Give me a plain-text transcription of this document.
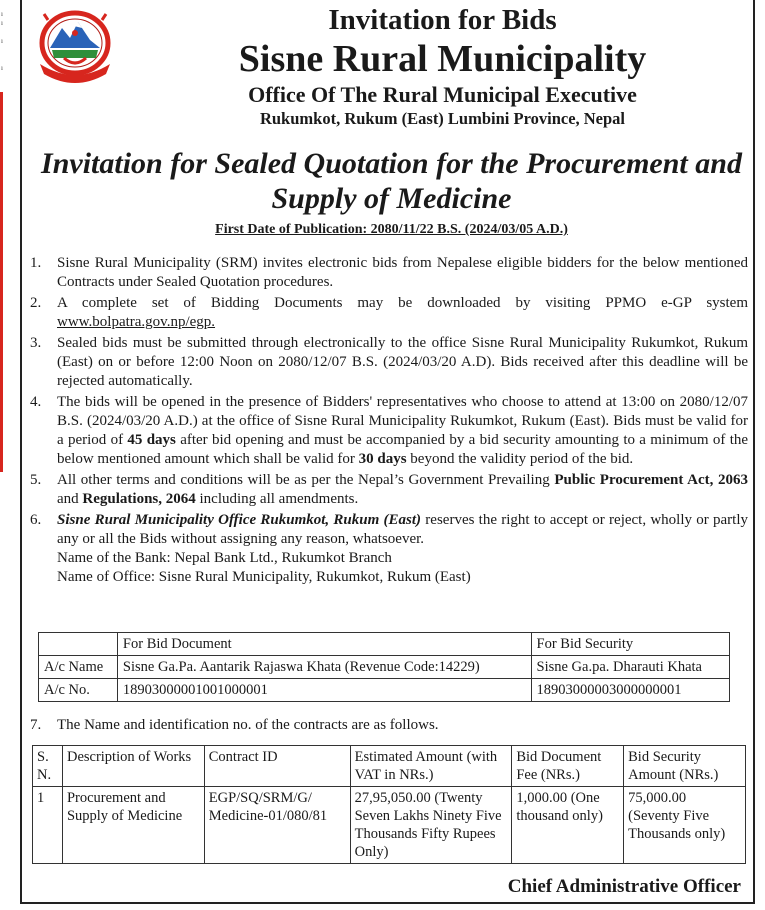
ı
ı

ı

ı
Invitation for Bids
Sisne Rural Municipality
Office Of The Rural Municipal Executive
Rukumkot, Rukum (East) Lumbini Province, Nepal
Invitation for Sealed Quotation for the Procurement and Supply of Medicine
First Date of Publication: 2080/11/22 B.S. (2024/03/05 A.D.)
1.	Sisne Rural Municipality (SRM) invites electronic bids from Nepalese eligible bidders for the below mentioned Contracts under Sealed Quotation procedures.
2.	A complete set of Bidding Documents may be downloaded by visiting PPMO e-GP system www.bolpatra.gov.np/egp.
3.	Sealed bids must be submitted through electronically to the office Sisne Rural Municipality Rukumkot, Rukum (East) on or before 12:00 Noon on 2080/12/07 B.S. (2024/03/20 A.D). Bids received after this deadline will be rejected automatically.
4.	The bids will be opened in the presence of Bidders' representatives who choose to attend at 13:00 on 2080/12/07 B.S. (2024/03/20 A.D.) at the office of Sisne Rural Municipality Rukumkot, Rukum (East). Bids must be valid for a period of 45 days after bid opening and must be accompanied by a bid security amounting to a minimum of the below mentioned amount which shall be valid for 30 days beyond the validity period of the bid.
5.	All other terms and conditions will be as per the Nepal’s Government Prevailing Public Procurement Act, 2063 and Regulations, 2064 including all amendments.
6.	Sisne Rural Municipality Office Rukumkot, Rukum (East) reserves the right to accept or reject, wholly or partly any or all the Bids without assigning any reason, whatsoever.
Name of the Bank: Nepal Bank Ltd., Rukumkot Branch
Name of Office: Sisne Rural Municipality, Rukumkot, Rukum (East)
	For Bid Document	For Bid Security
A/c Name	Sisne Ga.Pa. Aantarik Rajaswa Khata (Revenue Code:14229)	Sisne Ga.pa. Dharauti Khata
A/c No.	18903000001001000001	18903000003000000001
7.	The Name and identification no. of the contracts are as follows.
S. N.	Description of Works	Contract ID	Estimated Amount (with VAT in NRs.)	Bid Document Fee (NRs.)	Bid Security Amount (NRs.)
1	Procurement and Supply of Medicine	EGP/SQ/SRM/G/ Medicine-01/080/81	27,95,050.00 (Twenty Seven Lakhs Ninety Five Thousands Fifty Rupees Only)	1,000.00 (One thousand only)	75,000.00 (Seventy Five Thousands only)
Chief Administrative Officer
